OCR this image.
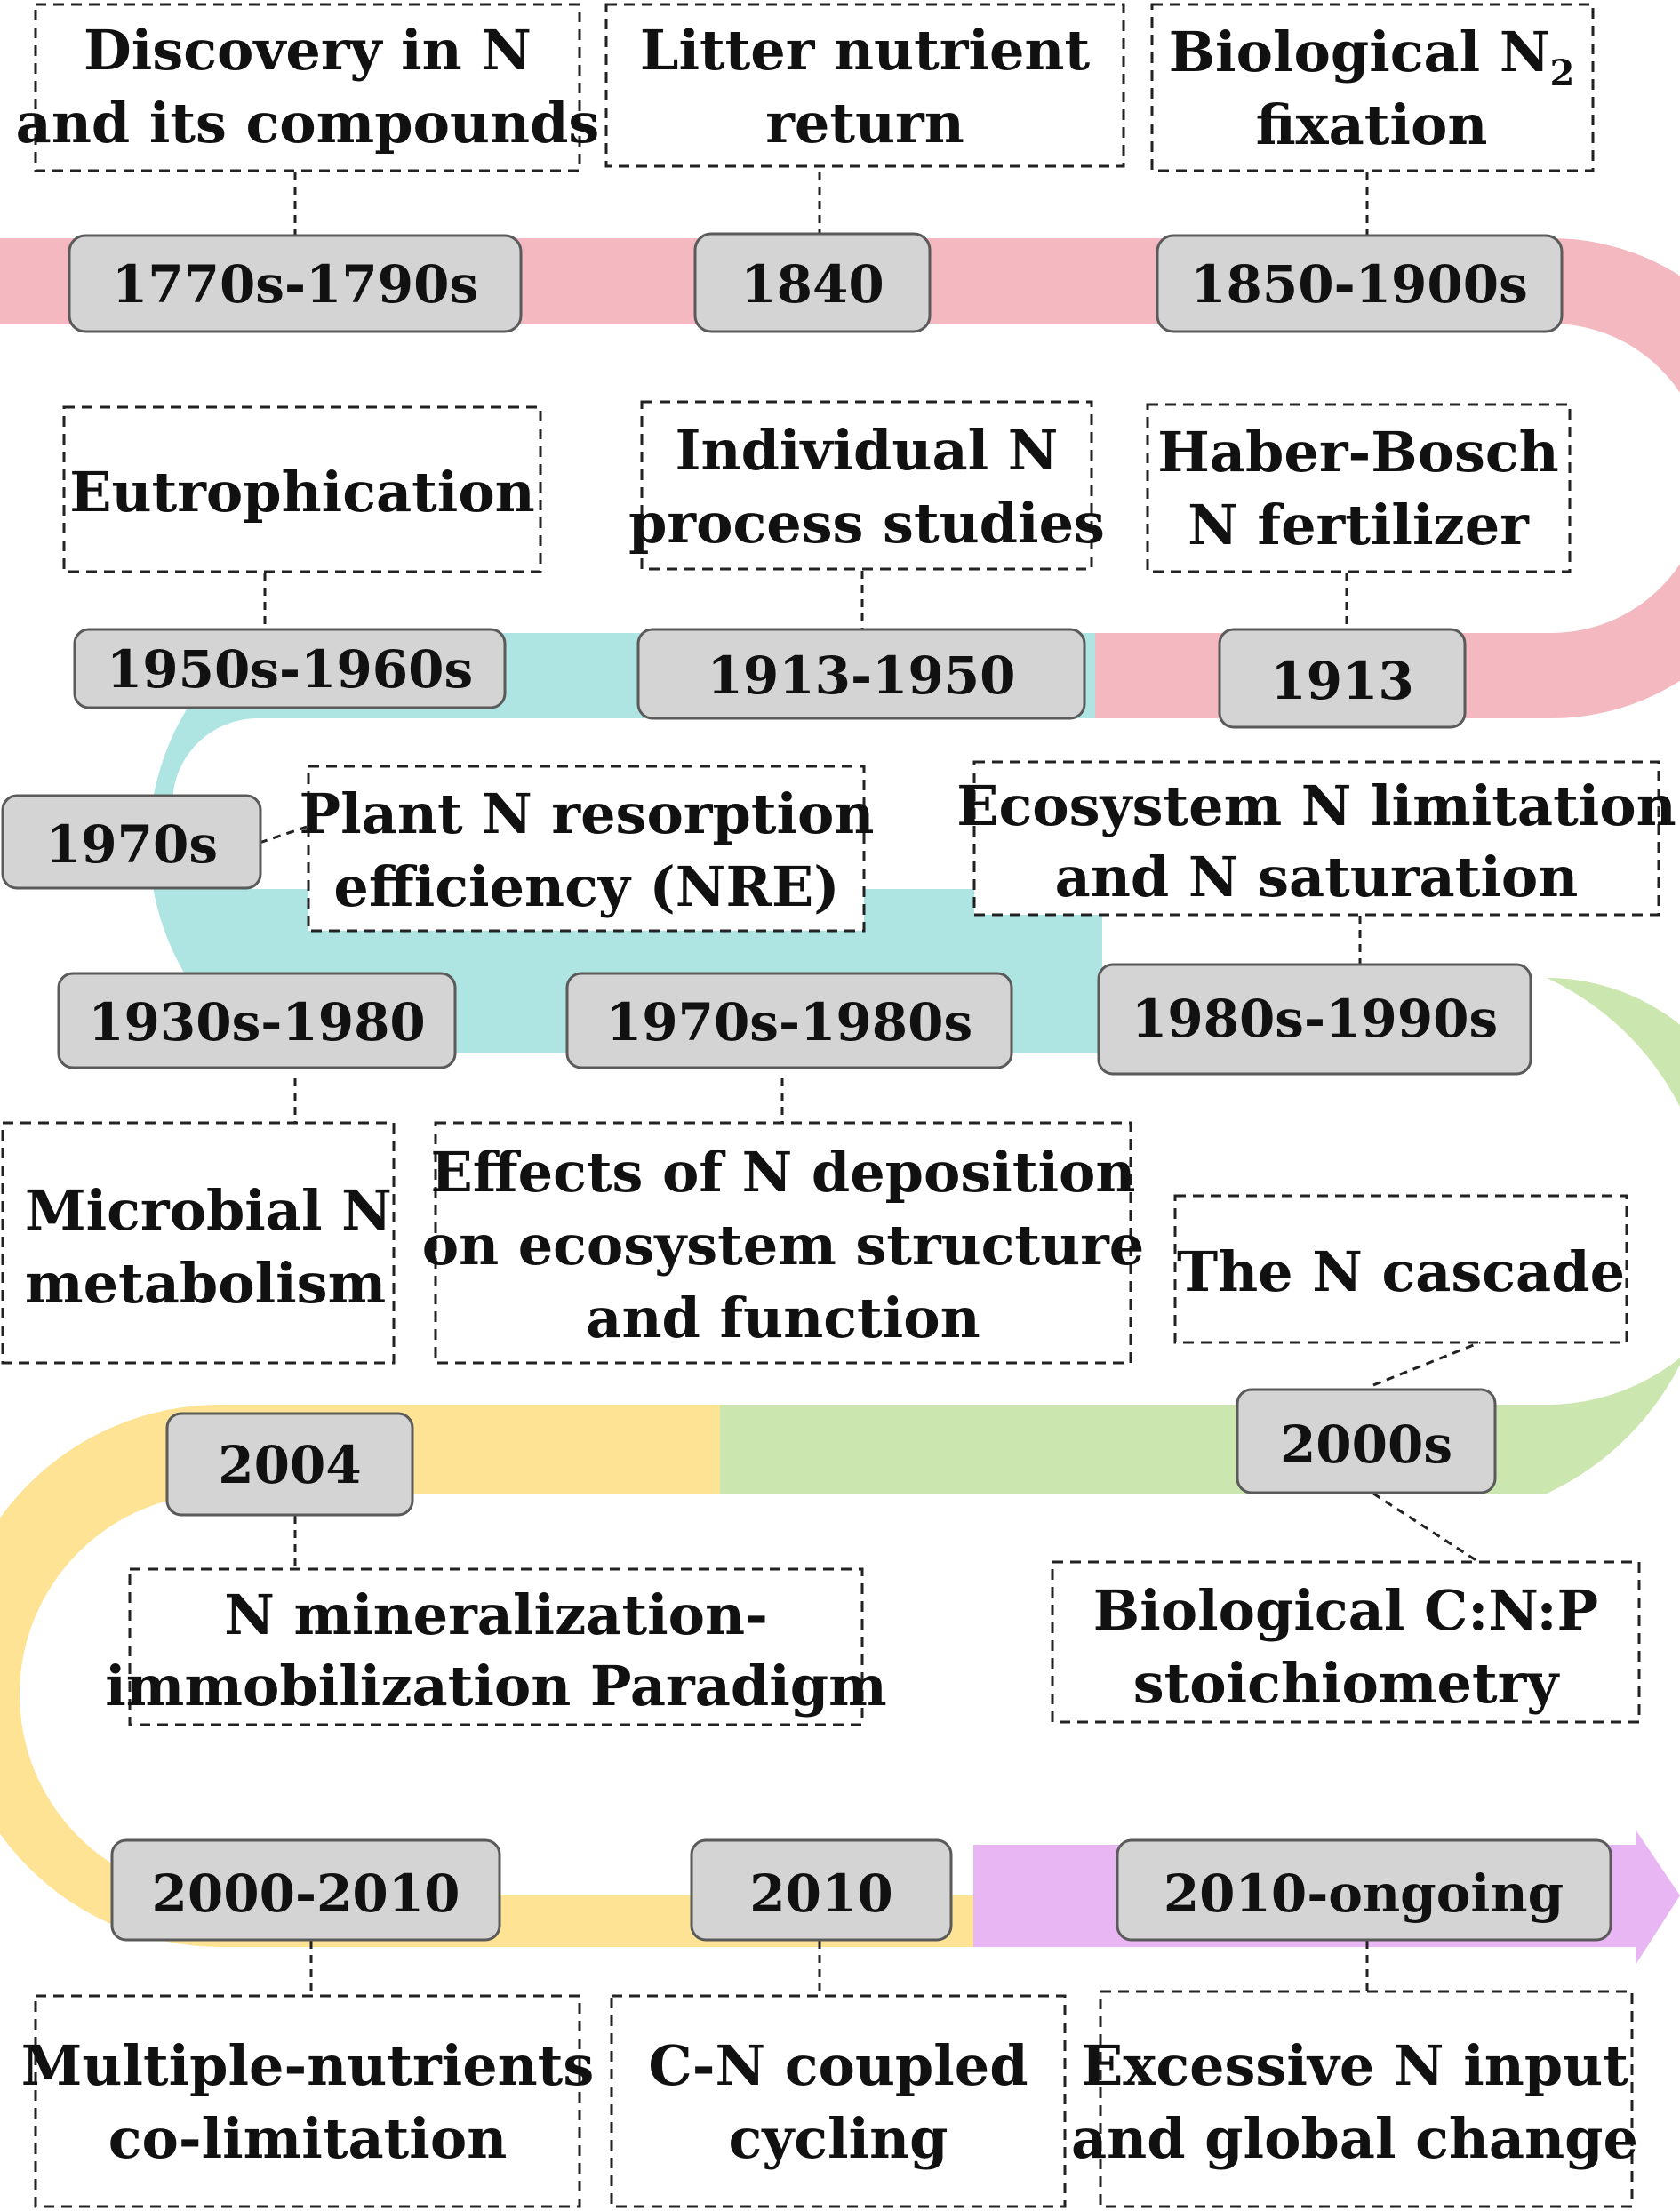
1770s-1790s	1840	1850-1900s
1950s-1960s	1913-1950	1913
1970s
1930s-1980	1970s-1980s	1980s-1990s
2004	2000s
2000-2010	2010	2010-ongoing
Discovery in N
and its compounds
Litter nutrient
return
Biological $N_2$
fixation
Eutrophication
Individual N
process studies
Haber-Bosch
N fertilizer
Plant N resorption
efficiency (NRE)
Ecosystem N limitation
and N saturation
Microbial N
metabolism
Effects of N deposition
on ecosystem structure
and function
The N cascade
N mineralization-
immobilization Paradigm
Biological C:N:P
stoichiometry
Multiple-nutrients
co-limitation
C-N coupled
cycling
Excessive N input
and global change
